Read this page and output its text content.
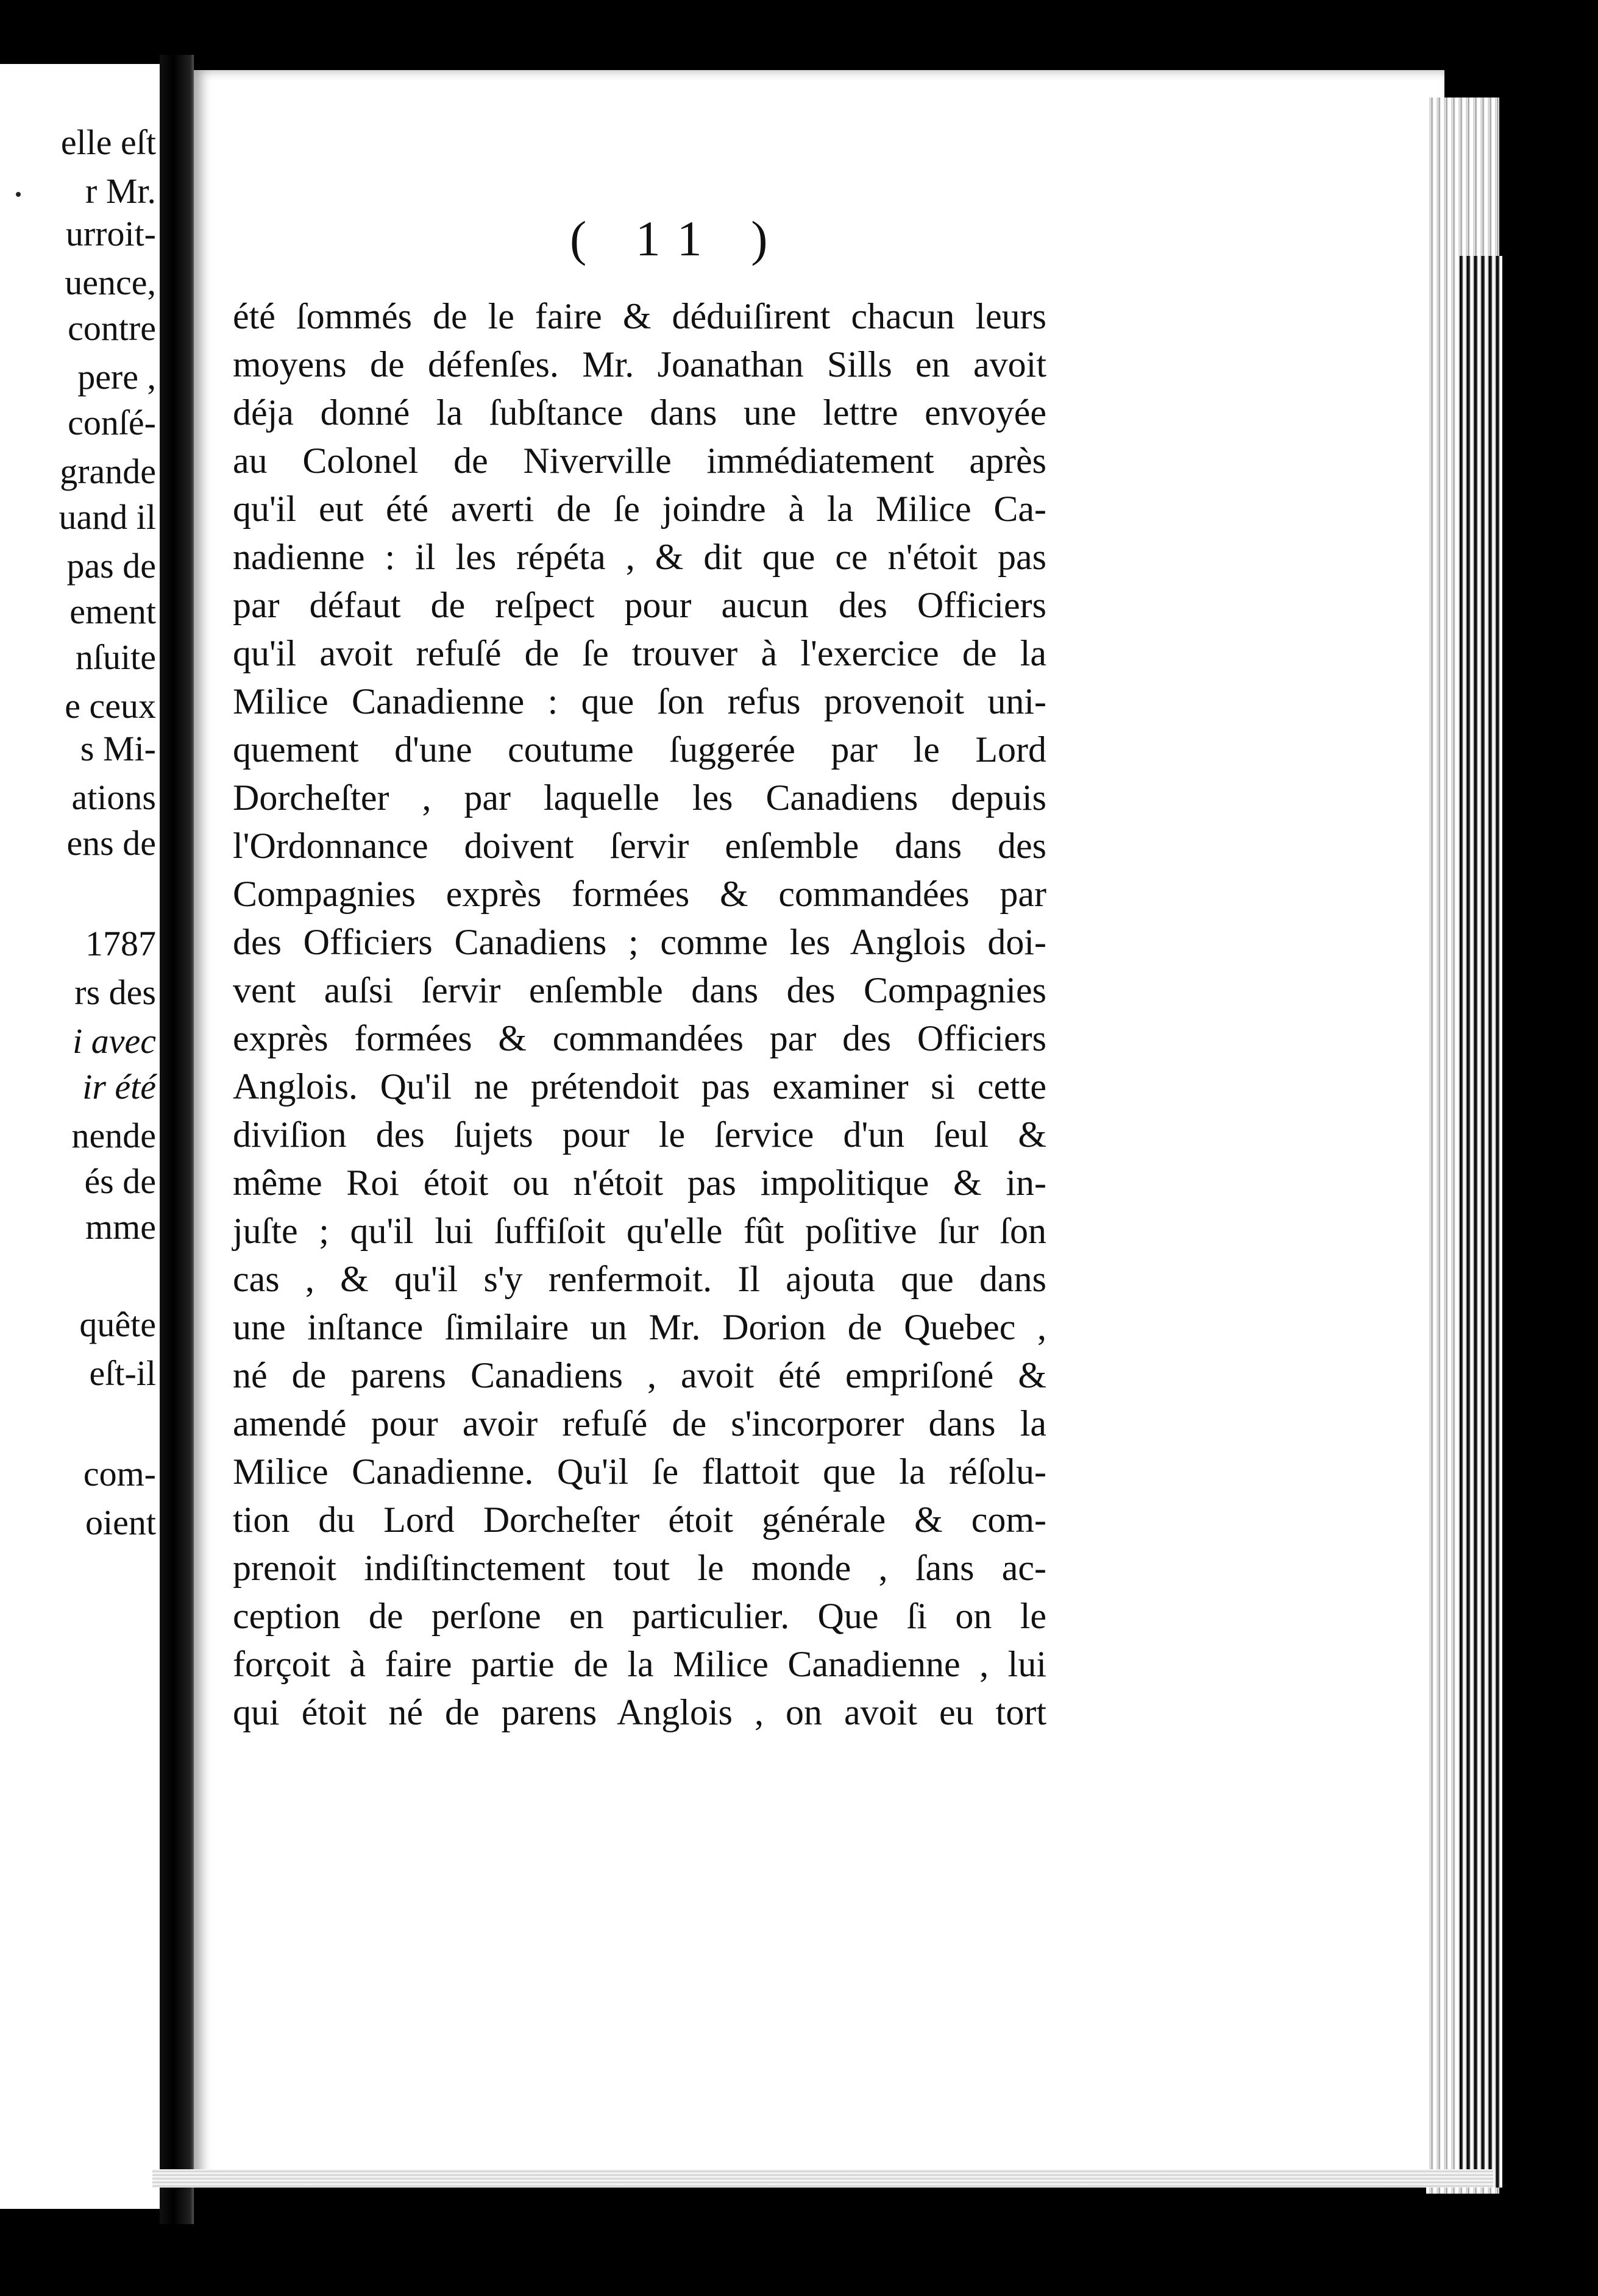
elle eſt
r Mr.
urroit-
uence,
contre
pere ,
conſé-
grande
uand il
pas de
ement
nſuite
e ceux
s Mi-
ations
ens de
1787
rs des
i avec
ir été
nende
és de
mme
quête
eſt-il
com-
oient
( 11 )
été ſommés de le faire & déduiſirent chacun leurs
moyens de défenſes. Mr. Joanathan Sills en avoit
déja donné la ſubſtance dans une lettre envoyée
au Colonel de Niverville immédiatement après
qu'il eut été averti de ſe joindre à la Milice Ca-
nadienne : il les répéta , & dit que ce n'étoit pas
par défaut de reſpect pour aucun des Officiers
qu'il avoit refuſé de ſe trouver à l'exercice de la
Milice Canadienne : que ſon refus provenoit uni-
quement d'une coutume ſuggerée par le Lord
Dorcheſter , par laquelle les Canadiens depuis
l'Ordonnance doivent ſervir enſemble dans des
Compagnies exprès formées & commandées par
des Officiers Canadiens ; comme les Anglois doi-
vent auſsi ſervir enſemble dans des Compagnies
exprès formées & commandées par des Officiers
Anglois. Qu'il ne prétendoit pas examiner si cette
diviſion des ſujets pour le ſervice d'un ſeul &
même Roi étoit ou n'étoit pas impolitique & in-
juſte ; qu'il lui ſuffiſoit qu'elle fût poſitive ſur ſon
cas , & qu'il s'y renfermoit. Il ajouta que dans
une inſtance ſimilaire un Mr. Dorion de Quebec ,
né de parens Canadiens , avoit été empriſoné &
amendé pour avoir refuſé de s'incorporer dans la
Milice Canadienne. Qu'il ſe flattoit que la réſolu-
tion du Lord Dorcheſter étoit générale & com-
prenoit indiſtinctement tout le monde , ſans ac-
ception de perſone en particulier. Que ſi on le
forçoit à faire partie de la Milice Canadienne , lui
qui étoit né de parens Anglois , on avoit eu tort
